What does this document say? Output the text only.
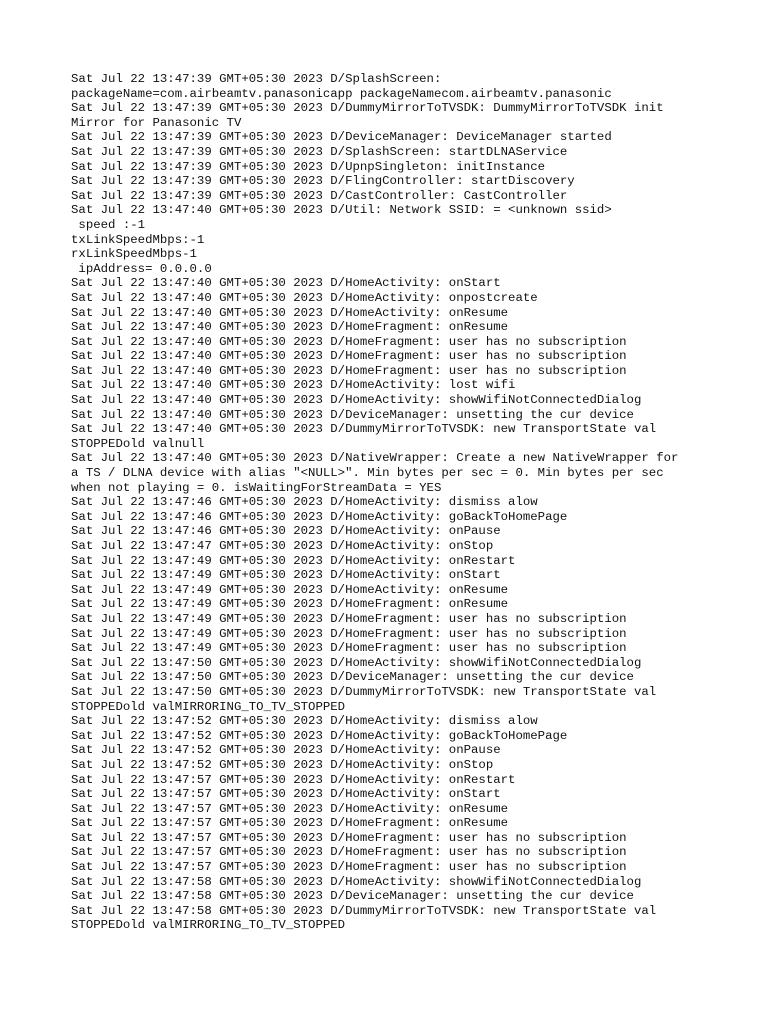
Sat Jul 22 13:47:39 GMT+05:30 2023 D/SplashScreen:
packageName=com.airbeamtv.panasonicapp packageNamecom.airbeamtv.panasonic
Sat Jul 22 13:47:39 GMT+05:30 2023 D/DummyMirrorToTVSDK: DummyMirrorToTVSDK init
Mirror for Panasonic TV
Sat Jul 22 13:47:39 GMT+05:30 2023 D/DeviceManager: DeviceManager started
Sat Jul 22 13:47:39 GMT+05:30 2023 D/SplashScreen: startDLNAService
Sat Jul 22 13:47:39 GMT+05:30 2023 D/UpnpSingleton: initInstance
Sat Jul 22 13:47:39 GMT+05:30 2023 D/FlingController: startDiscovery
Sat Jul 22 13:47:39 GMT+05:30 2023 D/CastController: CastController
Sat Jul 22 13:47:40 GMT+05:30 2023 D/Util: Network SSID: = <unknown ssid>
speed :-1
txLinkSpeedMbps:-1
rxLinkSpeedMbps-1
ipAddress= 0.0.0.0
Sat Jul 22 13:47:40 GMT+05:30 2023 D/HomeActivity: onStart
Sat Jul 22 13:47:40 GMT+05:30 2023 D/HomeActivity: onpostcreate
Sat Jul 22 13:47:40 GMT+05:30 2023 D/HomeActivity: onResume
Sat Jul 22 13:47:40 GMT+05:30 2023 D/HomeFragment: onResume
Sat Jul 22 13:47:40 GMT+05:30 2023 D/HomeFragment: user has no subscription
Sat Jul 22 13:47:40 GMT+05:30 2023 D/HomeFragment: user has no subscription
Sat Jul 22 13:47:40 GMT+05:30 2023 D/HomeFragment: user has no subscription
Sat Jul 22 13:47:40 GMT+05:30 2023 D/HomeActivity: lost wifi
Sat Jul 22 13:47:40 GMT+05:30 2023 D/HomeActivity: showWifiNotConnectedDialog
Sat Jul 22 13:47:40 GMT+05:30 2023 D/DeviceManager: unsetting the cur device
Sat Jul 22 13:47:40 GMT+05:30 2023 D/DummyMirrorToTVSDK: new TransportState val
STOPPEDold valnull
Sat Jul 22 13:47:40 GMT+05:30 2023 D/NativeWrapper: Create a new NativeWrapper for
a TS / DLNA device with alias "<NULL>". Min bytes per sec = 0. Min bytes per sec
when not playing = 0. isWaitingForStreamData = YES
Sat Jul 22 13:47:46 GMT+05:30 2023 D/HomeActivity: dismiss alow
Sat Jul 22 13:47:46 GMT+05:30 2023 D/HomeActivity: goBackToHomePage
Sat Jul 22 13:47:46 GMT+05:30 2023 D/HomeActivity: onPause
Sat Jul 22 13:47:47 GMT+05:30 2023 D/HomeActivity: onStop
Sat Jul 22 13:47:49 GMT+05:30 2023 D/HomeActivity: onRestart
Sat Jul 22 13:47:49 GMT+05:30 2023 D/HomeActivity: onStart
Sat Jul 22 13:47:49 GMT+05:30 2023 D/HomeActivity: onResume
Sat Jul 22 13:47:49 GMT+05:30 2023 D/HomeFragment: onResume
Sat Jul 22 13:47:49 GMT+05:30 2023 D/HomeFragment: user has no subscription
Sat Jul 22 13:47:49 GMT+05:30 2023 D/HomeFragment: user has no subscription
Sat Jul 22 13:47:49 GMT+05:30 2023 D/HomeFragment: user has no subscription
Sat Jul 22 13:47:50 GMT+05:30 2023 D/HomeActivity: showWifiNotConnectedDialog
Sat Jul 22 13:47:50 GMT+05:30 2023 D/DeviceManager: unsetting the cur device
Sat Jul 22 13:47:50 GMT+05:30 2023 D/DummyMirrorToTVSDK: new TransportState val
STOPPEDold valMIRRORING_TO_TV_STOPPED
Sat Jul 22 13:47:52 GMT+05:30 2023 D/HomeActivity: dismiss alow
Sat Jul 22 13:47:52 GMT+05:30 2023 D/HomeActivity: goBackToHomePage
Sat Jul 22 13:47:52 GMT+05:30 2023 D/HomeActivity: onPause
Sat Jul 22 13:47:52 GMT+05:30 2023 D/HomeActivity: onStop
Sat Jul 22 13:47:57 GMT+05:30 2023 D/HomeActivity: onRestart
Sat Jul 22 13:47:57 GMT+05:30 2023 D/HomeActivity: onStart
Sat Jul 22 13:47:57 GMT+05:30 2023 D/HomeActivity: onResume
Sat Jul 22 13:47:57 GMT+05:30 2023 D/HomeFragment: onResume
Sat Jul 22 13:47:57 GMT+05:30 2023 D/HomeFragment: user has no subscription
Sat Jul 22 13:47:57 GMT+05:30 2023 D/HomeFragment: user has no subscription
Sat Jul 22 13:47:57 GMT+05:30 2023 D/HomeFragment: user has no subscription
Sat Jul 22 13:47:58 GMT+05:30 2023 D/HomeActivity: showWifiNotConnectedDialog
Sat Jul 22 13:47:58 GMT+05:30 2023 D/DeviceManager: unsetting the cur device
Sat Jul 22 13:47:58 GMT+05:30 2023 D/DummyMirrorToTVSDK: new TransportState val
STOPPEDold valMIRRORING_TO_TV_STOPPED
